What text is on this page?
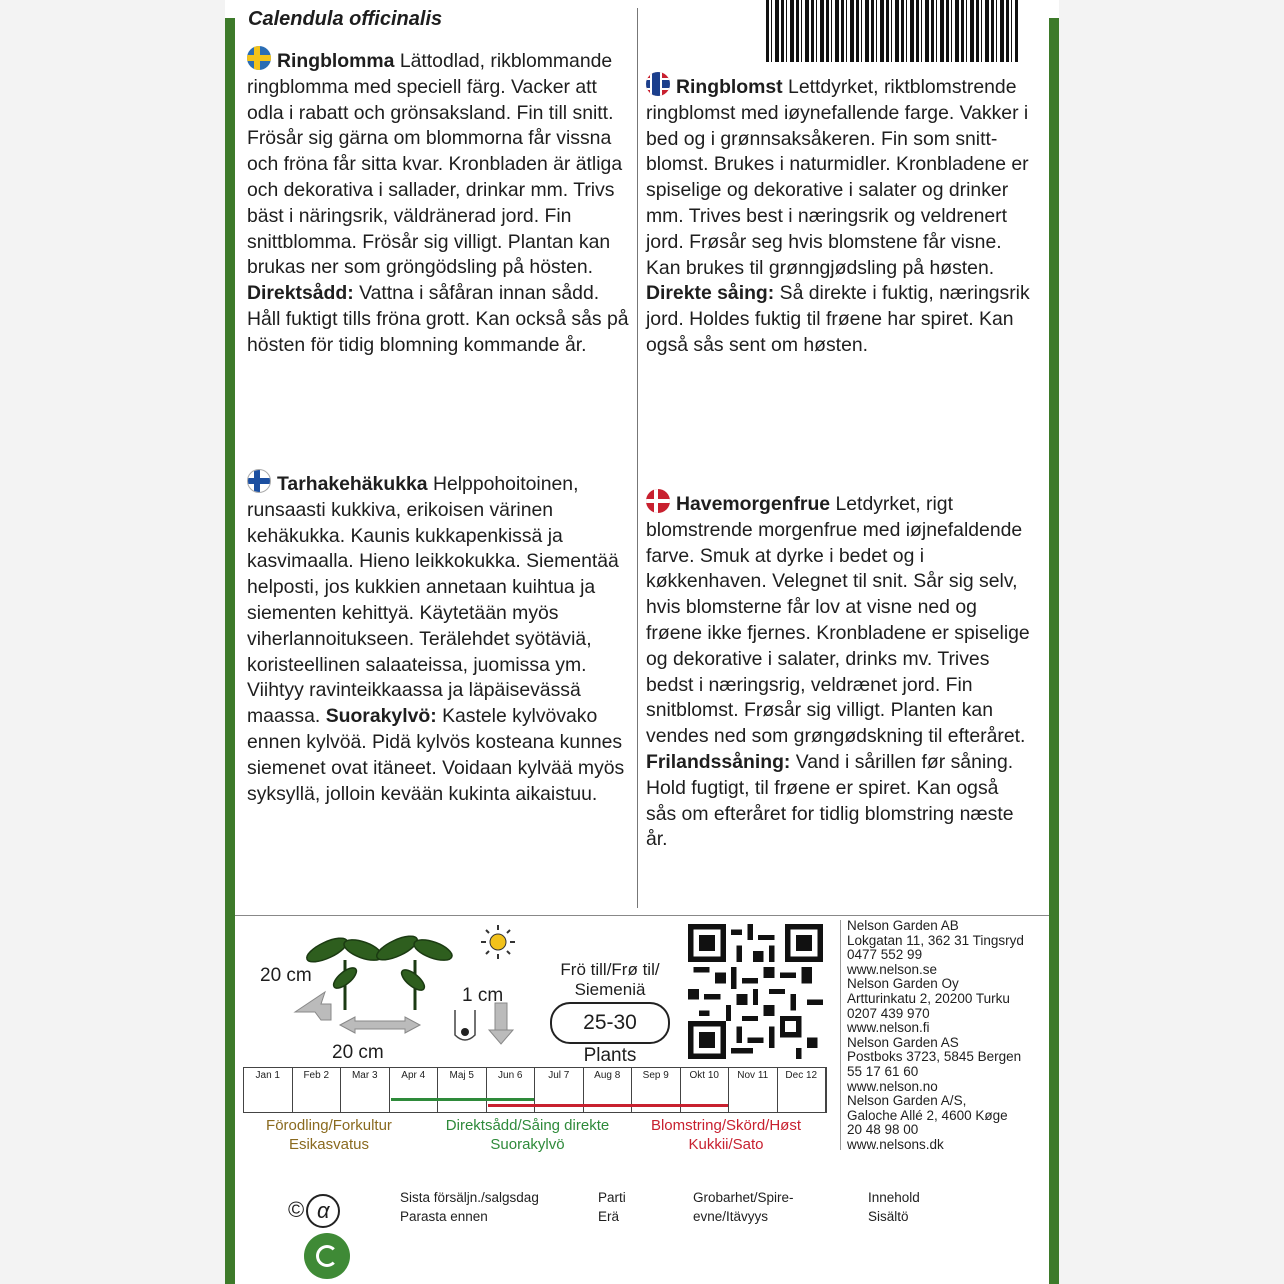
Calendula officinalis

Ringblomma Lättodlad, rikblommande ringblomma med speciell färg. Vacker att odla i rabatt och grönsaksland. Fin till snitt. Frösår sig gärna om blommorna får vissna och fröna får sitta kvar. Kronbladen är ätliga och dekorativa i sallader, drinkar mm. Trivs bäst i näringsrik, väldränerad jord. Fin snittblomma. Frösår sig villigt. Plantan kan brukas ner som gröngödsling på hösten. Direktsådd: Vattna i såfåran innan sådd. Håll fuktigt tills fröna grott. Kan också sås på hösten för tidig blomning kommande år.

Ringblomst Lettdyrket, riktblomstrende ringblomst med iøynefallende farge. Vakker i bed og i grønnsaksåkeren. Fin som snitt-blomst. Brukes i naturmidler. Kronbladene er spiselige og dekorative i salater og drinker mm. Trives best i næringsrik og veldrenert jord. Frøsår seg hvis blomstene får visne. Kan brukes til grønngjødsling på høsten. Direkte såing: Så direkte i fuktig, næringsrik jord. Holdes fuktig til frøene har spiret. Kan også sås sent om høsten.

Tarhakehäkukka Helppohoitoinen, runsaasti kukkiva, erikoisen värinen kehäkukka. Kaunis kukkapenkissä ja kasvimaalla. Hieno leikkokukka. Siementää helposti, jos kukkien annetaan kuihtua ja siementen kehittyä. Käytetään myös viherlannoitukseen. Terälehdet syötäviä, koristeellinen salaateissa, juomissa ym. Viihtyy ravinteikkaassa ja läpäisevässä maassa. Suorakylvö: Kastele kylvövako ennen kylvöä. Pidä kylvös kosteana kunnes siemenet ovat itäneet. Voidaan kylvää myös syksyllä, jolloin kevään kukinta aikaistuu.

Havemorgenfrue Letdyrket, rigt blomstrende morgenfrue med iøjnefaldende farve. Smuk at dyrke i bedet og i køkkenhaven. Velegnet til snit. Sår sig selv, hvis blomsterne får lov at visne ned og frøene ikke fjernes. Kronbladene er spiselige og dekorative i salater, drinks mv. Trives bedst i næringsrig, veldrænet jord. Fin snitblomst. Frøsår sig villigt. Planten kan vendes ned som grøngødskning til efteråret. Frilandssåning: Vand i sårillen før såning. Hold fugtigt, til frøene er spiret. Kan også sås om efteråret for tidlig blomstring næste år.

20 cm
20 cm
1 cm
Frö till/Frø til/ Siemeniä
25-30
Plants
Nelson Garden AB
Lokgatan 11, 362 31 Tingsryd
0477 552 99
www.nelson.se
Nelson Garden Oy
Artturinkatu 2, 20200 Turku
0207 439 970
www.nelson.fi
Nelson Garden AS
Postboks 3723, 5845 Bergen
55 17 61 60
www.nelson.no
Nelson Garden A/S,
Galoche Allé 2, 4600 Køge
20 48 98 00
www.nelsons.dk
Jan 1	Feb 2	Mar 3	Apr 4	Maj 5	Jun 6	Jul 7	Aug 8	Sep 9	Okt 10	Nov 11	Dec 12
Förodling/Forkultur Esikasvatus
Direktsådd/Såing direkte Suorakylvö
Blomstring/Skörd/Høst Kukkii/Sato
© α
Sista försäljn./salgsdag Parasta ennen
Parti Erä
Grobarhet/Spire-evne/Itävyys
Innehold Sisältö
